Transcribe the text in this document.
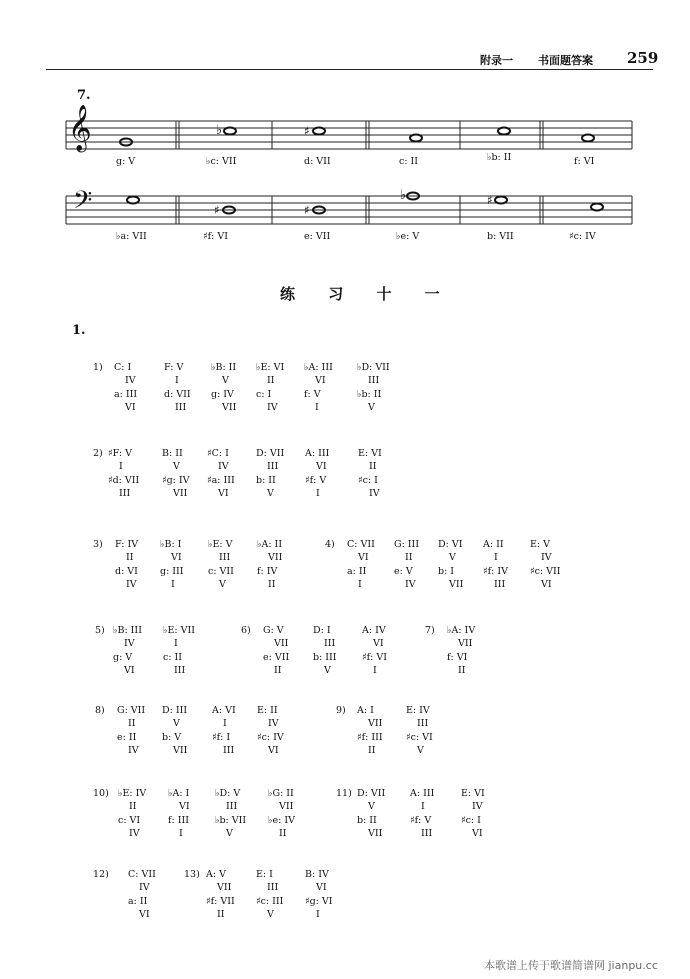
附录一 书面题答案 259
7.
𝄞	♭	♯
g: V	♭c: VII	d: VII	c: II	♭b: II	f: VI
𝄢	♯	♯
♭	♯
♭a: VII	♯f: VI	e: VII	♭e: V	b: VII	♯c: IV
练 习 十 一
1.
1) C: I	F: V	♭B: II ♭E: VI ♭A: III	♭D: VII
IV	I	V	II	VI	III
a: III	d: VII g: IV c: I	f: V	♭b: II
VI	III	VII	IV	I	V
2) ♯F: V	B: II	♯C: I	D: VII A: III	E: VI
I	V	IV	III	VI	II
♯d: VII ♯g: IV ♯a: III b: II	♯f: V	♯c: I
III	VII	VI	V	I	IV
3) F: IV ♭B: I	♭E: V	♭A: II
II	VI	III	VII
d: VI g: III	c: VII f: IV
IV	I	V	II
4) C: VII G: III D: VI A: II	E: V
VI	II	V	I	IV
a: II	e: V	b: I	♯f: IV ♯c: VII
I	IV	VII	III	VI
5) ♭B: III ♭E: VII
IV	I
g: V	c: II
VI	III
6) G: V	D: I	A: IV
VII	III	VI
e: VII	b: III	♯f: VI
II	V	I
7) ♭A: IV
VII
f: VI
II
8) G: VII D: III	A: VI E: II
II	V	I	IV
e: II	b: V	♯f: I	♯c: IV
IV	VII	III	VI
9) A: I	E: IV
VII	III
♯f: III ♯c: VI
II	V
10) ♭E: IV ♭A: I	♭D: V	♭G: II
II	VI	III	VII
c: VI	f: III	♭b: VII ♭e: IV
IV	I	V	II
11) D: VII	A: III	E: VI
V	I	IV
b: II	♯f: V	♯c: I
VII	III	VI
12) C: VII
IV
a: II
VI
13) A: V	E: I	B: IV
VII	III	VI
♯f: VII ♯c: III ♯g: VI
II	V	I
本歌谱上传于歌谱简谱网 jianpu.cc
